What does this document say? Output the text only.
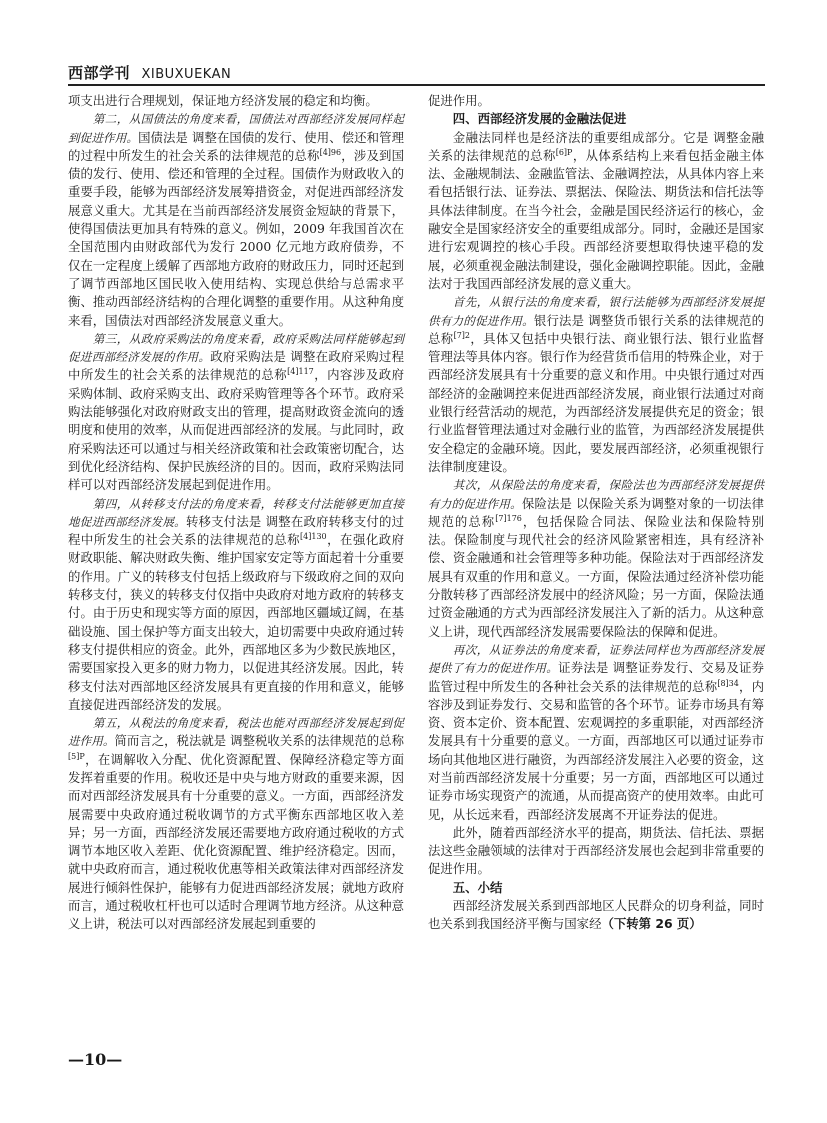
西部学刊 XIBUXUEKAN

项支出进行合理规划，保证地方经济发展的稳定和均衡。

第二，从国债法的角度来看，国债法对西部经济发展同样起到促进作用。国债法是 调整在国债的发行、使用、偿还和管理的过程中所发生的社会关系的法律规范的总称$^{[4]96}$，涉及到国债的发行、使用、偿还和管理的全过程。国债作为财政收入的重要手段，能够为西部经济发展筹措资金，对促进西部经济发展意义重大。尤其是在当前西部经济发展资金短缺的背景下，使得国债法更加具有特殊的意义。例如，2009 年我国首次在全国范围内由财政部代为发行 2000 亿元地方政府债券，不仅在一定程度上缓解了西部地方政府的财政压力，同时还起到了调节西部地区国民收入使用结构、实现总供给与总需求平衡、推动西部经济结构的合理化调整的重要作用。从这种角度来看，国债法对西部经济发展意义重大。

第三，从政府采购法的角度来看，政府采购法同样能够起到促进西部经济发展的作用。政府采购法是 调整在政府采购过程中所发生的社会关系的法律规范的总称$^{[4]117}$，内容涉及政府采购体制、政府采购支出、政府采购管理等各个环节。政府采购法能够强化对政府财政支出的管理，提高财政资金流向的透明度和使用的效率，从而促进西部经济的发展。与此同时，政府采购法还可以通过与相关经济政策和社会政策密切配合，达到优化经济结构、保护民族经济的目的。因而，政府采购法同样可以对西部经济发展起到促进作用。

第四，从转移支付法的角度来看，转移支付法能够更加直接地促进西部经济发展。转移支付法是 调整在政府转移支付的过程中所发生的社会关系的法律规范的总称$^{[4]130}$，在强化政府财政职能、解决财政失衡、维护国家安定等方面起着十分重要的作用。广义的转移支付包括上级政府与下级政府之间的双向转移支付，狭义的转移支付仅指中央政府对地方政府的转移支付。由于历史和现实等方面的原因，西部地区疆域辽阔，在基础设施、国土保护等方面支出较大，迫切需要中央政府通过转移支付提供相应的资金。此外，西部地区多为少数民族地区，需要国家投入更多的财力物力，以促进其经济发展。因此，转移支付法对西部地区经济发展具有更直接的作用和意义，能够直接促进西部经济发的发展。

第五，从税法的角度来看，税法也能对西部经济发展起到促进作用。简而言之，税法就是 调整税收关系的法律规范的总称$^{[5]P}$，在调解收入分配、优化资源配置、保障经济稳定等方面发挥着重要的作用。税收还是中央与地方财政的重要来源，因而对西部经济发展具有十分重要的意义。一方面，西部经济发展需要中央政府通过税收调节的方式平衡东西部地区收入差异；另一方面，西部经济发展还需要地方政府通过税收的方式调节本地区收入差距、优化资源配置、维护经济稳定。因而，就中央政府而言，通过税收优惠等相关政策法律对西部经济发展进行倾斜性保护，能够有力促进西部经济发展；就地方政府而言，通过税收杠杆也可以适时合理调节地方经济。从这种意义上讲，税法可以对西部经济发展起到重要的

促进作用。

四、西部经济发展的金融法促进

金融法同样也是经济法的重要组成部分。它是 调整金融关系的法律规范的总称$^{[6]P}$，从体系结构上来看包括金融主体法、金融规制法、金融监管法、金融调控法，从具体内容上来看包括银行法、证券法、票据法、保险法、期货法和信托法等具体法律制度。在当今社会，金融是国民经济运行的核心，金融安全是国家经济安全的重要组成部分。同时，金融还是国家进行宏观调控的核心手段。西部经济要想取得快速平稳的发展，必须重视金融法制建设，强化金融调控职能。因此，金融法对于我国西部经济发展的意义重大。

首先，从银行法的角度来看，银行法能够为西部经济发展提供有力的促进作用。银行法是 调整货币银行关系的法律规范的总称$^{[7]2}$，具体又包括中央银行法、商业银行法、银行业监督管理法等具体内容。银行作为经营货币信用的特殊企业，对于西部经济发展具有十分重要的意义和作用。中央银行通过对西部经济的金融调控来促进西部经济发展，商业银行法通过对商业银行经营活动的规范，为西部经济发展提供充足的资金；银行业监督管理法通过对金融行业的监管，为西部经济发展提供安全稳定的金融环境。因此，要发展西部经济，必须重视银行法律制度建设。

其次，从保险法的角度来看，保险法也为西部经济发展提供有力的促进作用。保险法是 以保险关系为调整对象的一切法律规范的总称$^{[7]176}$，包括保险合同法、保险业法和保险特别法。保险制度与现代社会的经济风险紧密相连，具有经济补偿、资金融通和社会管理等多种功能。保险法对于西部经济发展具有双重的作用和意义。一方面，保险法通过经济补偿功能分散转移了西部经济发展中的经济风险；另一方面，保险法通过资金融通的方式为西部经济发展注入了新的活力。从这种意义上讲，现代西部经济发展需要保险法的保障和促进。

再次，从证券法的角度来看，证券法同样也为西部经济发展提供了有力的促进作用。证券法是 调整证券发行、交易及证券监管过程中所发生的各种社会关系的法律规范的总称$^{[8]34}$，内容涉及到证券发行、交易和监管的各个环节。证券市场具有筹资、资本定价、资本配置、宏观调控的多重职能，对西部经济发展具有十分重要的意义。一方面，西部地区可以通过证券市场向其他地区进行融资，为西部经济发展注入必要的资金，这对当前西部经济发展十分重要；另一方面，西部地区可以通过证券市场实现资产的流通，从而提高资产的使用效率。由此可见，从长远来看，西部经济发展离不开证券法的促进。

此外，随着西部经济水平的提高，期货法、信托法、票据法这些金融领域的法律对于西部经济发展也会起到非常重要的促进作用。

五、小结

西部经济发展关系到西部地区人民群众的切身利益，同时也关系到我国经济平衡与国家经（下转第 26 页）

—10—
